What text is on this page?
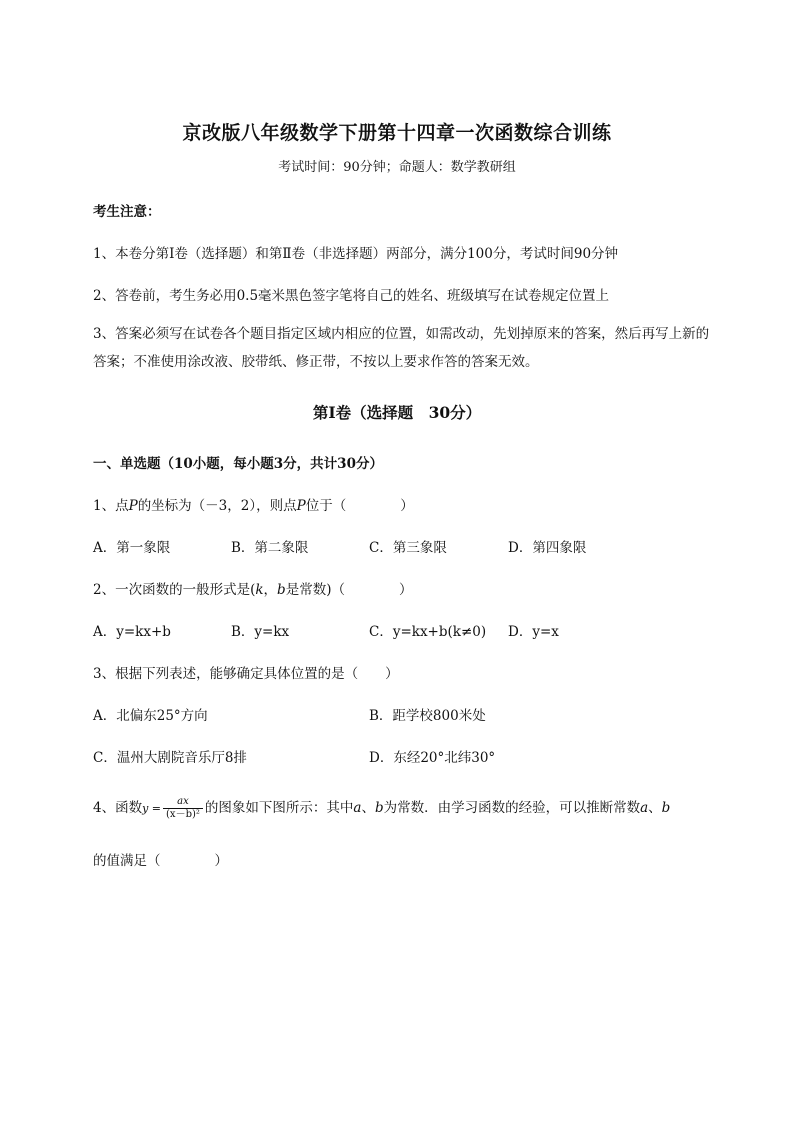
京改版八年级数学下册第十四章一次函数综合训练
考试时间：90分钟；命题人：数学教研组
考生注意：
1、本卷分第Ⅰ卷（选择题）和第Ⅱ卷（非选择题）两部分，满分100分，考试时间90分钟
2、答卷前，考生务必用0.5毫米黑色签字笔将自己的姓名、班级填写在试卷规定位置上
3、答案必须写在试卷各个题目指定区域内相应的位置，如需改动，先划掉原来的答案，然后再写上新的答案；不准使用涂改液、胶带纸、修正带，不按以上要求作答的答案无效。
第Ⅰ卷（选择题　30分）
一、单选题（10小题，每小题3分，共计30分）
1、点P的坐标为（－3，2），则点P位于（　　　　）
A．第一象限	B．第二象限	C．第三象限	D．第四象限
2、一次函数的一般形式是(k，b是常数)（　　　　）
A．y=kx+b	B．y=kx	C．y=kx+b(k≠0) D．y=x
3、根据下列表述，能够确定具体位置的是（　　）
A．北偏东25°方向	B．距学校800米处
C．温州大剧院音乐厅8排	D．东经20°北纬30°
4、函数$y = \frac{ax}{\text{(x－b)²}}$ 的图象如下图所示：其中a、b为常数．由学习函数的经验，可以推断常数a、b
的值满足（　　　　）
